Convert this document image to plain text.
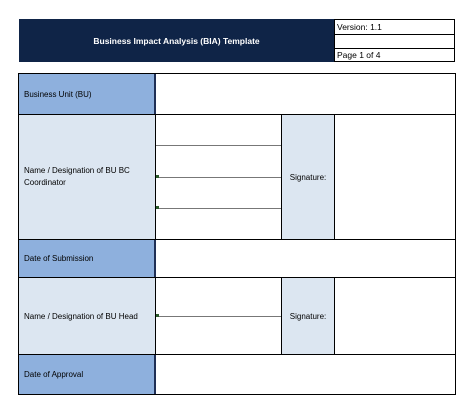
Business Impact Analysis (BIA) Template
Version: 1.1
Page 1 of 4
Business Unit (BU)
Name / Designation of BU BC Coordinator
Signature:
Date of Submission
Name / Designation of BU Head	Signature:
Date of Approval
